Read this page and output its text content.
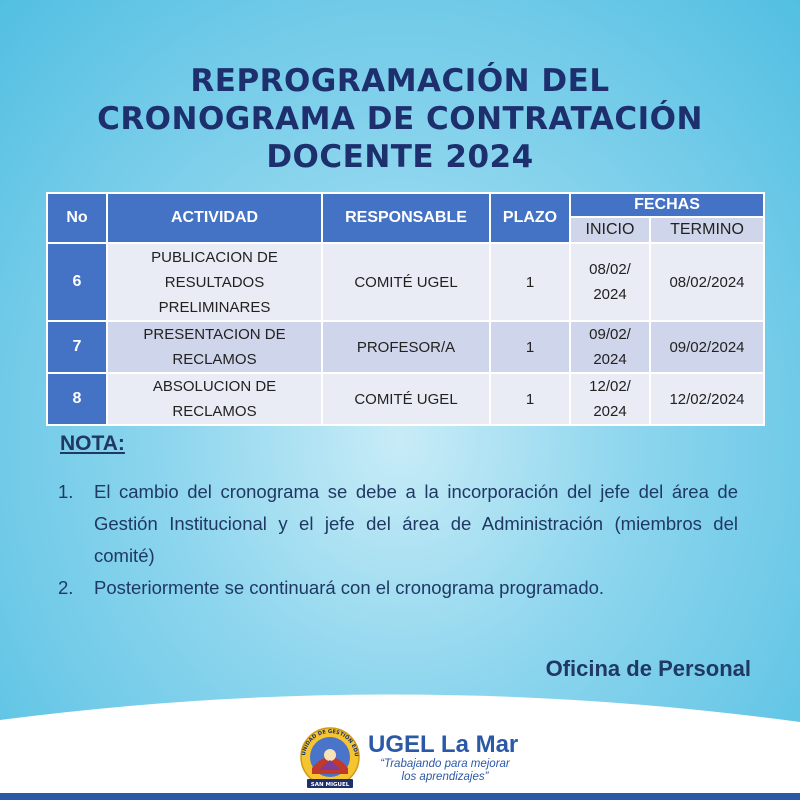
REPROGRAMACIÓN DEL
CRONOGRAMA DE CONTRATACIÓN
DOCENTE 2024
No	ACTIVIDAD	RESPONSABLE	PLAZO	FECHAS	
				INICIO	TERMINO
6	PUBLICACION DE RESULTADOS PRELIMINARES	COMITÉ UGEL	1	08/02/ 2024	08/02/2024
7	PRESENTACION DE RECLAMOS	PROFESOR/A	1	09/02/ 2024	09/02/2024
8	ABSOLUCION DE RECLAMOS	COMITÉ UGEL	1	12/02/ 2024	12/02/2024
NOTA:
1.	El cambio del cronograma se debe a la incorporación del jefe del área de Gestión Institucional y el jefe del área de Administración (miembros del comité)
2.	Posteriormente se continuará con el cronograma programado.
Oficina de Personal
UNIDAD DE GESTIÓN EDU
SAN MIGUEL
UGEL La Mar
“Trabajando para mejorar los aprendizajes”
